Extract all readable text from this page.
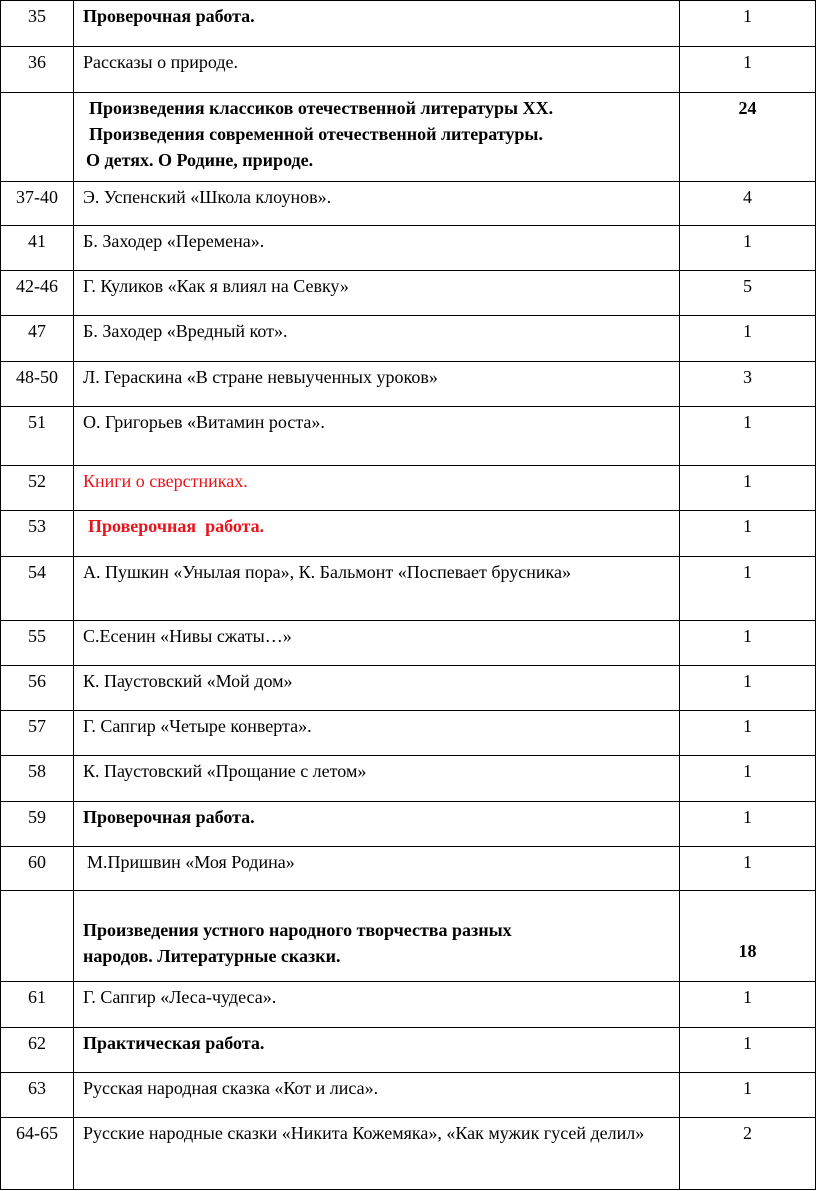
35	Проверочная работа.	1
36	Рассказы о природе.	1

	Произведения классиков отечественной литературы XX.
Произведения современной отечественной литературы.
О детях. О Родине, природе.	24
37-40	Э. Успенский «Школа клоунов».	4
41	Б. Заходер «Перемена».	1
42-46	Г. Куликов «Как я влиял на Севку»	5
47	Б. Заходер «Вредный кот».	1
48-50	Л. Гераскина «В стране невыученных уроков»	3
51	О. Григорьев «Витамин роста».	1
52	Книги о сверстниках.	1
53	Проверочная  работа.	1
54	А. Пушкин «Унылая пора», К. Бальмонт «Поспевает брусника»	1
55	С.Есенин «Нивы сжаты…»	1
56	К. Паустовский «Мой дом»	1
57	Г. Сапгир «Четыре конверта».	1
58	К. Паустовский «Прощание с летом»	1
59	Проверочная работа.	1
60	М.Пришвин «Моя Родина»	1

	Произведения устного народного творчества разных
народов. Литературные сказки.	18
61	Г. Сапгир «Леса-чудеса».	1
62	Практическая работа.	1
63	Русская народная сказка «Кот и лиса».	1
64-65	Русские народные сказки «Никита Кожемяка», «Как мужик гусей делил»	2
